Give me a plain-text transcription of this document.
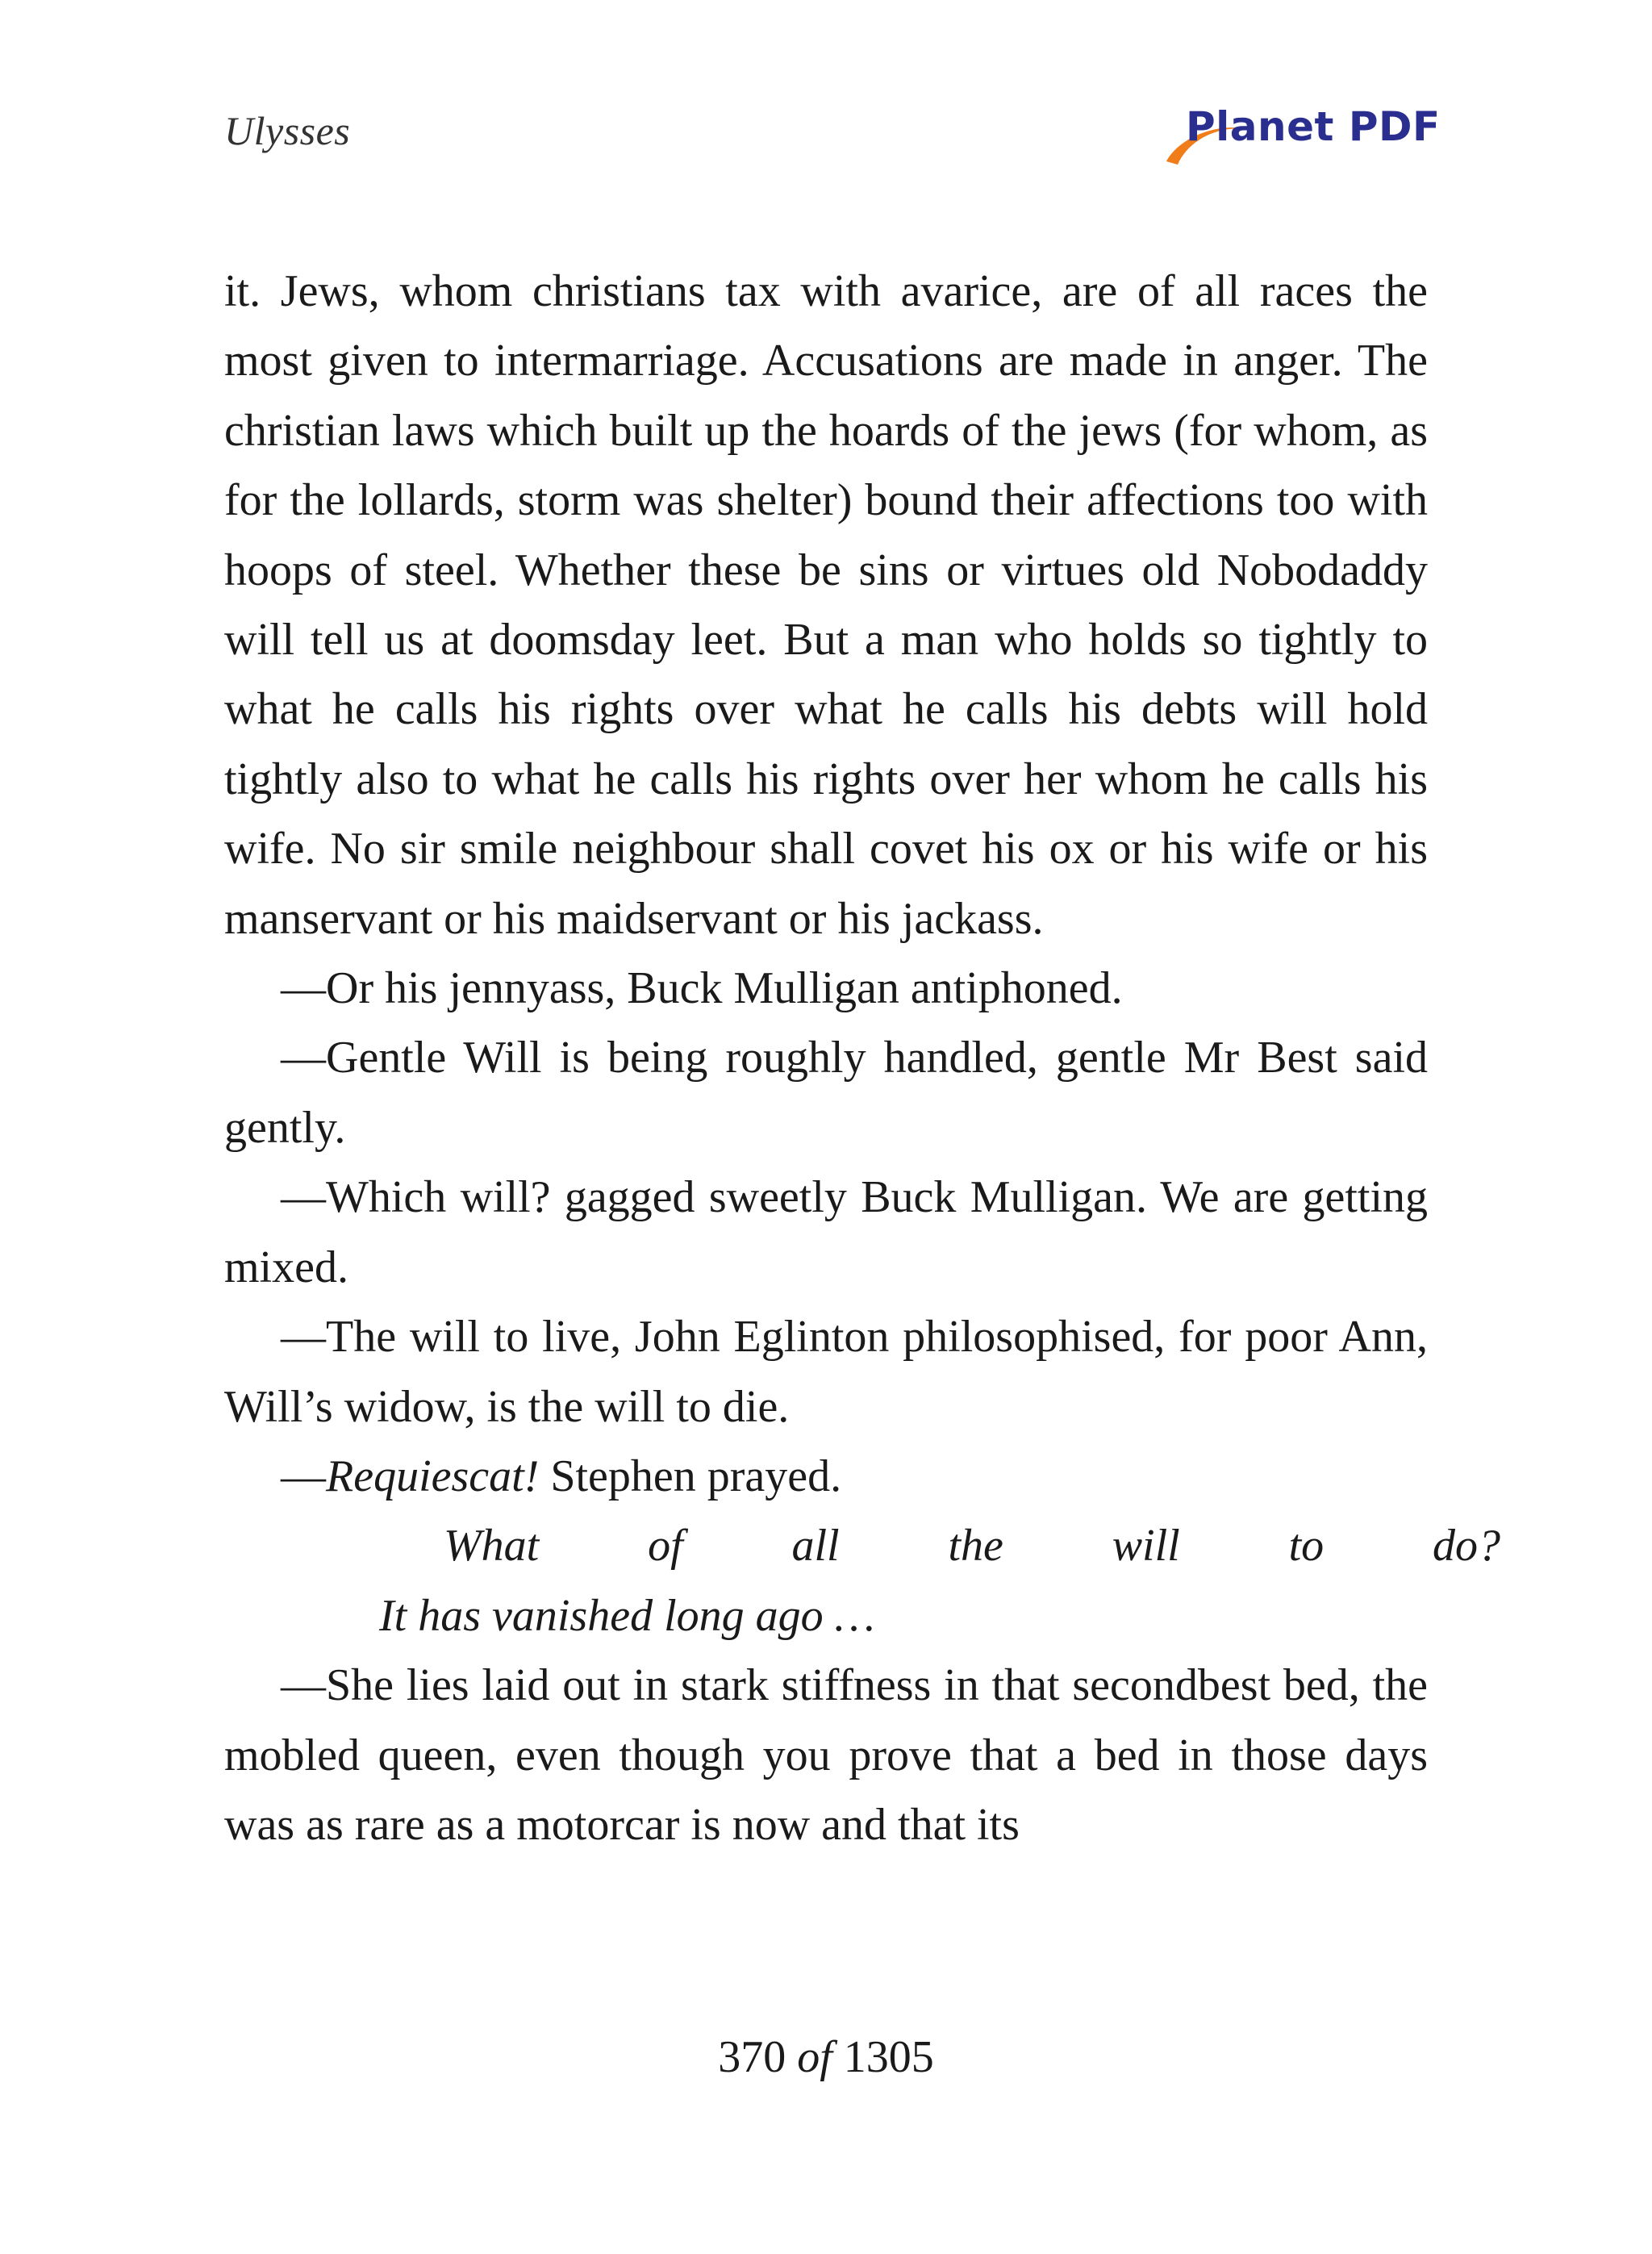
Ulysses	Planet PDF

it. Jews, whom christians tax with avarice, are of all races the most given to intermarriage. Accusations are made in anger. The christian laws which built up the hoards of the jews (for whom, as for the lollards, storm was shelter) bound their affections too with hoops of steel. Whether these be sins or virtues old Nobodaddy will tell us at doomsday leet. But a man who holds so tightly to what he calls his rights over what he calls his debts will hold tightly also to what he calls his rights over her whom he calls his wife. No sir smile neighbour shall covet his ox or his wife or his manservant or his maidservant or his jackass.

—Or his jennyass, Buck Mulligan antiphoned.

—Gentle Will is being roughly handled, gentle Mr Best said gently.

—Which will? gagged sweetly Buck Mulligan. We are getting mixed.

—The will to live, John Eglinton philosophised, for poor Ann, Will’s widow, is the will to die.

—Requiescat! Stephen prayed.

What of all the will to do?
It has vanished long ago …

—She lies laid out in stark stiffness in that secondbest bed, the mobled queen, even though you prove that a bed in those days was as rare as a motorcar is now and that its

370 of 1305
